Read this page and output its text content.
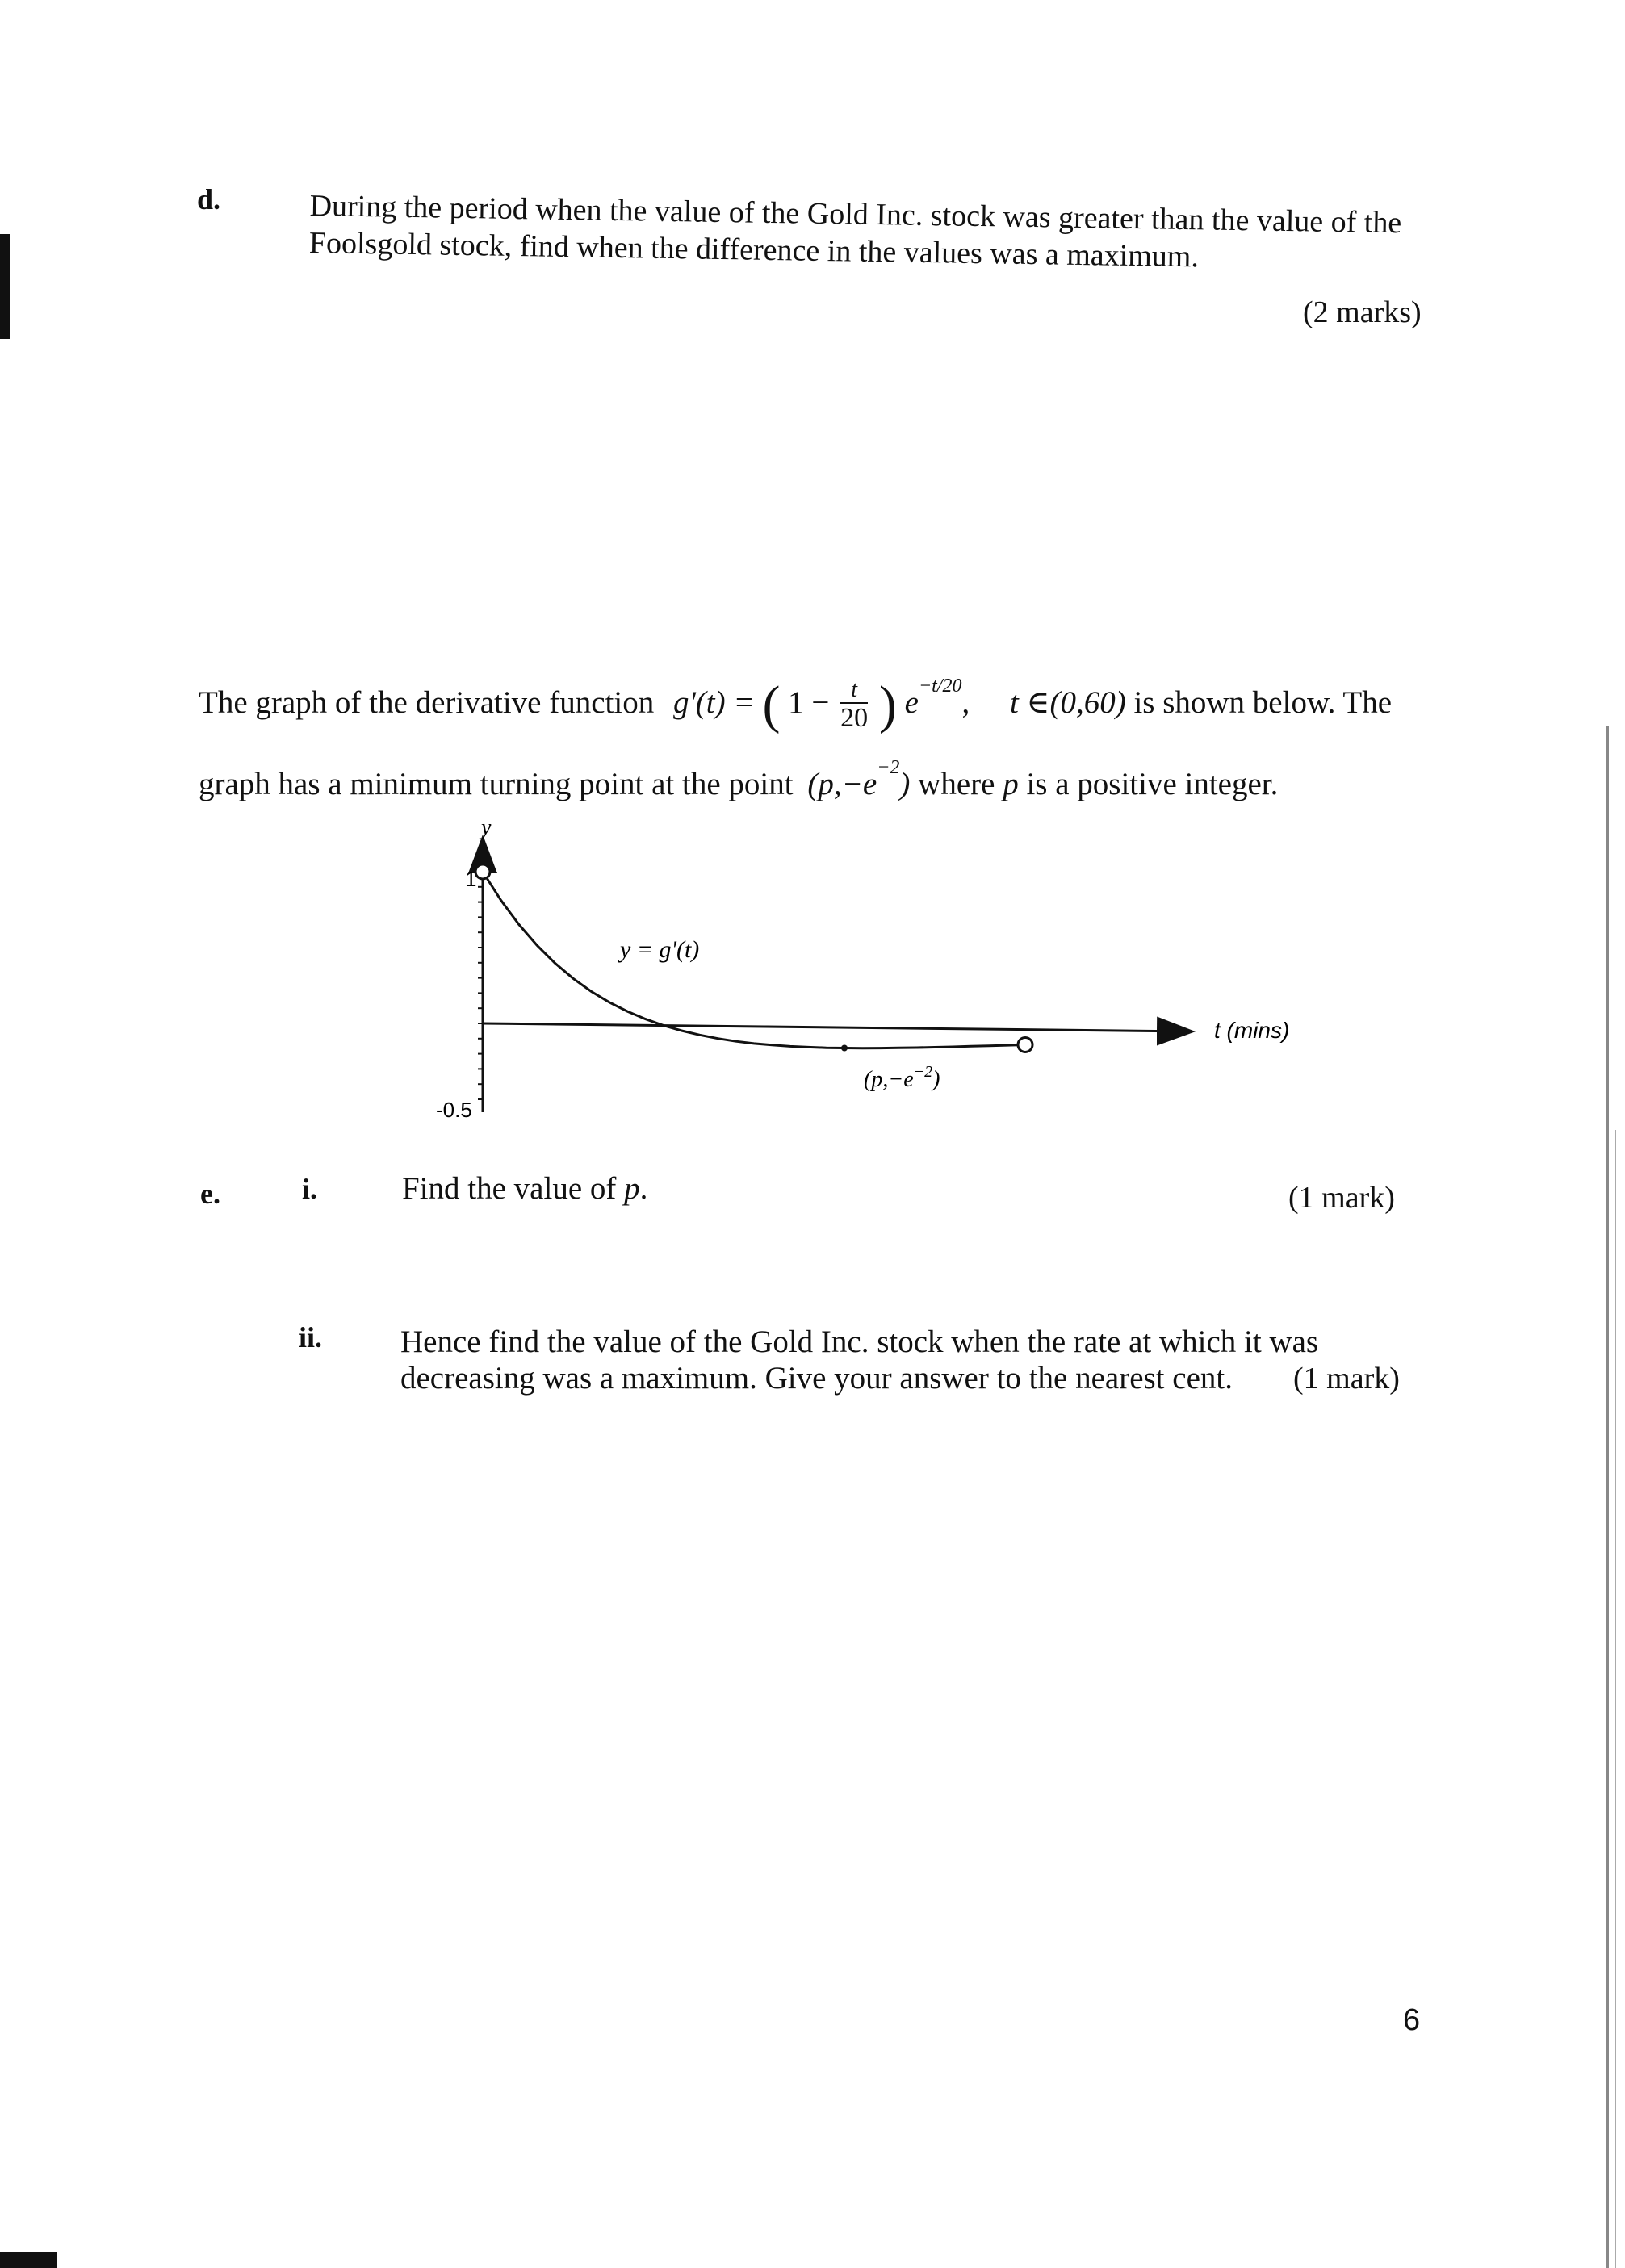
d.	During the period when the value of the Gold Inc. stock was greater than the value of the Foolsgold stock, find when the difference in the values was a maximum.
(2 marks)
The graph of the derivative function g'(t) = ( $1 - \frac{t}{20}$ ) $e^{-t/20}$, t ∈(0,60) is shown below. The
graph has a minimum turning point at the point $(p,-e^{-2})$ where p is a positive integer.
y
1
-0.5
y = g'(t)
t (mins)
$(p,-e^{-2})$
e.	i.	Find the value of p.	(1 mark)
ii. Hence find the value of the Gold Inc. stock when the rate at which it was decreasing was a maximum. Give your answer to the nearest cent.	(1 mark)
6
